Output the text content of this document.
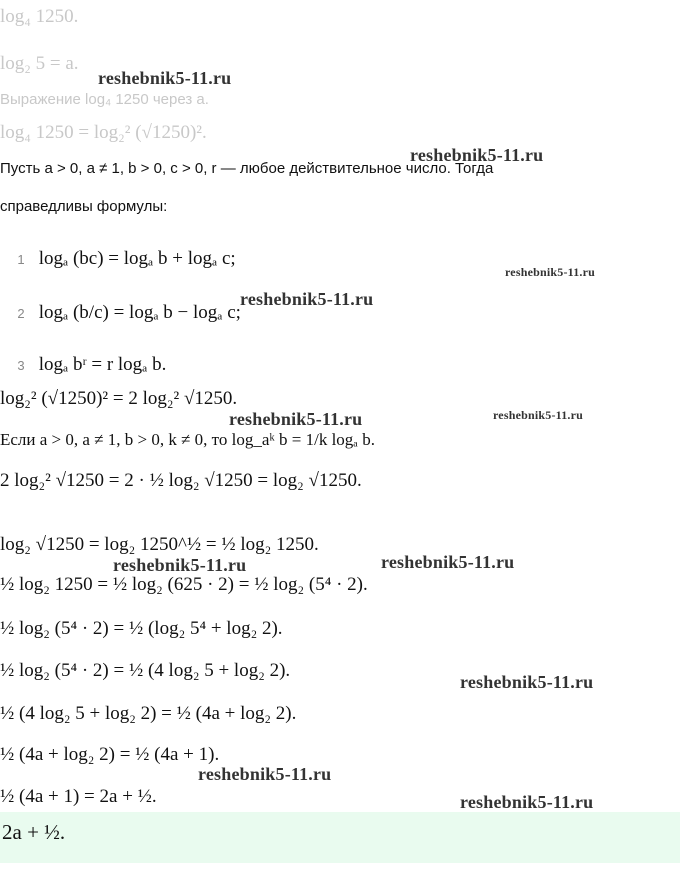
log₄ 1250.
log₂ 5 = a.
Выражение log₄ 1250 через a.
log₄ 1250 = log₂² (√1250)².
Пусть a > 0, a ≠ 1, b > 0, c > 0, r — любое действительное число. Тогда
справедливы формулы:
1 logₐ (bc) = logₐ b + logₐ c;
2 logₐ (b/c) = logₐ b − logₐ c;
3 logₐ bʳ = r logₐ b.
log₂² (√1250)² = 2 log₂² √1250.
Если a > 0, a ≠ 1, b > 0, k ≠ 0, то log_aᵏ b = 1/k logₐ b.
2 log₂² √1250 = 2 · ½ log₂ √1250 = log₂ √1250.
log₂ √1250 = log₂ 1250^½ = ½ log₂ 1250.
½ log₂ 1250 = ½ log₂ (625 · 2) = ½ log₂ (5⁴ · 2).
½ log₂ (5⁴ · 2) = ½ (log₂ 5⁴ + log₂ 2).
½ log₂ (5⁴ · 2) = ½ (4 log₂ 5 + log₂ 2).
½ (4 log₂ 5 + log₂ 2) = ½ (4a + log₂ 2).
½ (4a + log₂ 2) = ½ (4a + 1).
½ (4a + 1) = 2a + ½.
2a + ½.
reshebnik5-11.ru
reshebnik5-11.ru
reshebnik5-11.ru
reshebnik5-11.ru
reshebnik5-11.ru	reshebnik5-11.ru
reshebnik5-11.ru
reshebnik5-11.ru
reshebnik5-11.ru
reshebnik5-11.ru
reshebnik5-11.ru
